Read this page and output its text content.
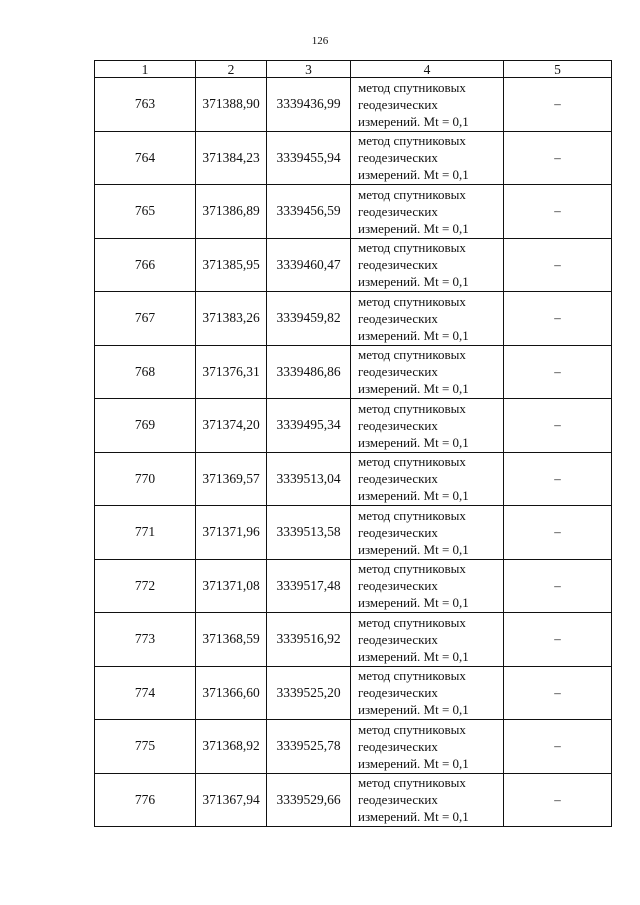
126
1	2	3	4	5
763	371388,90	3339436,99	метод спутниковых
геодезических
измерений. Mt = 0,1	–
764	371384,23	3339455,94	метод спутниковых
геодезических
измерений. Mt = 0,1	–
765	371386,89	3339456,59	метод спутниковых
геодезических
измерений. Mt = 0,1	–
766	371385,95	3339460,47	метод спутниковых
геодезических
измерений. Mt = 0,1	–
767	371383,26	3339459,82	метод спутниковых
геодезических
измерений. Mt = 0,1	–
768	371376,31	3339486,86	метод спутниковых
геодезических
измерений. Mt = 0,1	–
769	371374,20	3339495,34	метод спутниковых
геодезических
измерений. Mt = 0,1	–
770	371369,57	3339513,04	метод спутниковых
геодезических
измерений. Mt = 0,1	–
771	371371,96	3339513,58	метод спутниковых
геодезических
измерений. Mt = 0,1	–
772	371371,08	3339517,48	метод спутниковых
геодезических
измерений. Mt = 0,1	–
773	371368,59	3339516,92	метод спутниковых
геодезических
измерений. Mt = 0,1	–
774	371366,60	3339525,20	метод спутниковых
геодезических
измерений. Mt = 0,1	–
775	371368,92	3339525,78	метод спутниковых
геодезических
измерений. Mt = 0,1	–
776	371367,94	3339529,66	метод спутниковых
геодезических
измерений. Mt = 0,1	–
